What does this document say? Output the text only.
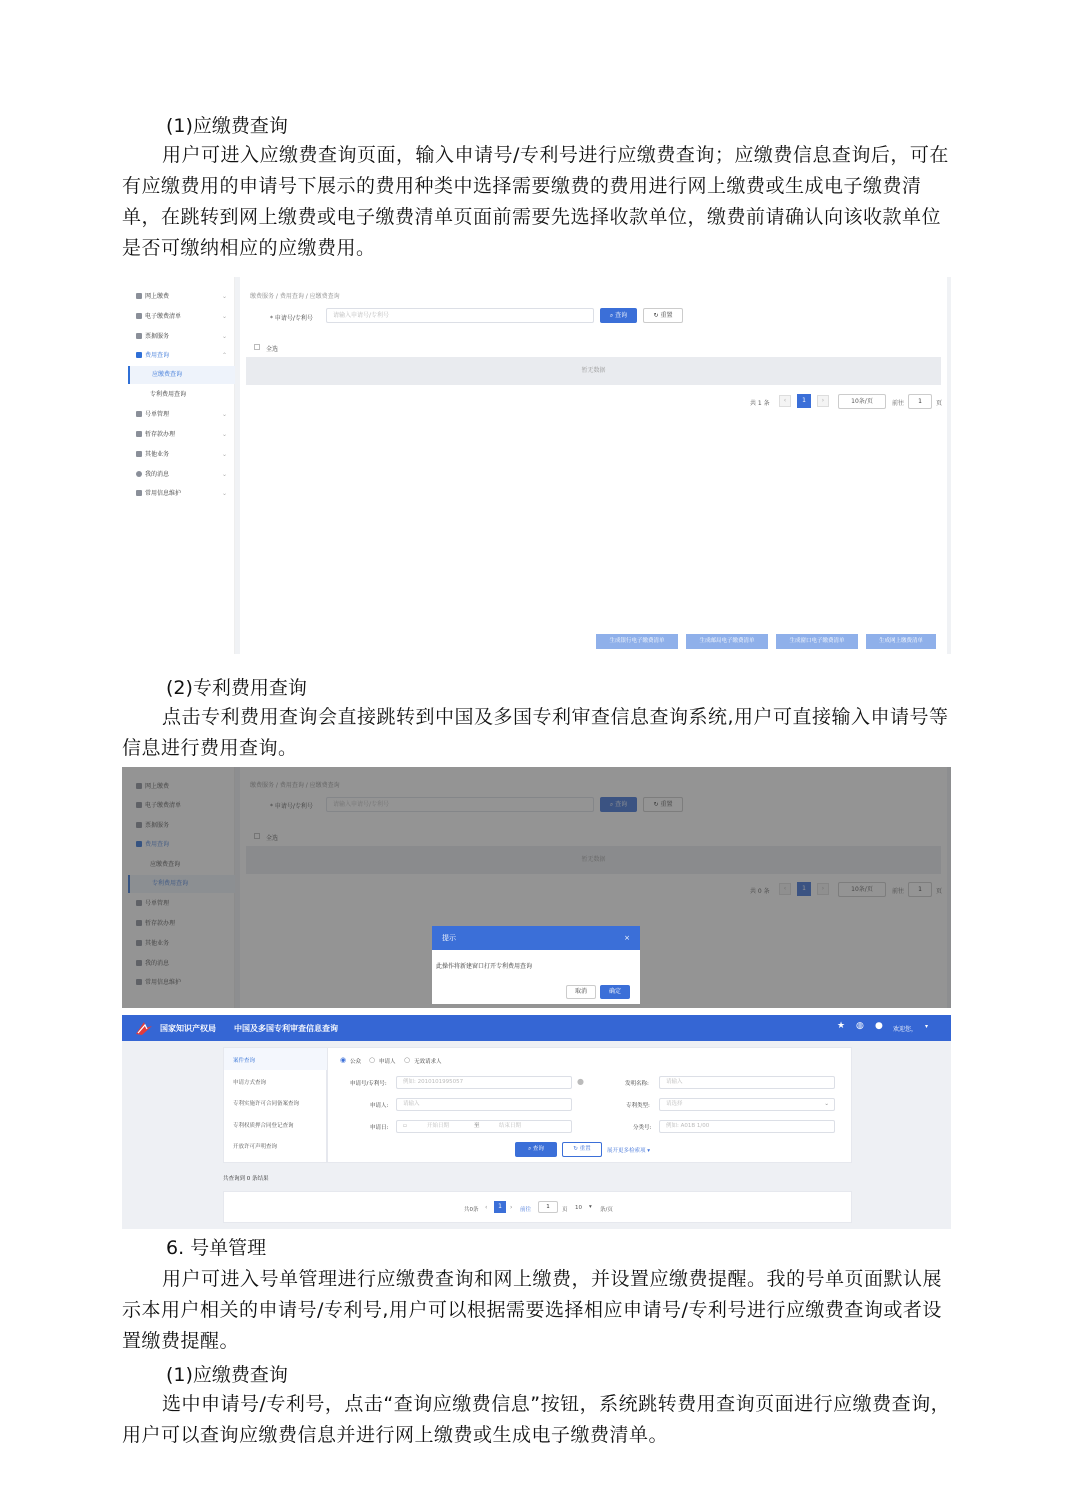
(1)应缴费查询
用户可进入应缴费查询页面，输入申请号/专利号进行应缴费查询；应缴费信息查询后，可在有应缴费用的申请号下展示的费用种类中选择需要缴费的费用进行网上缴费或生成电子缴费清单，在跳转到网上缴费或电子缴费清单页面前需要先选择收款单位，缴费前请确认向该收款单位是否可缴纳相应的应缴费用。
网上缴费	⌄
电子缴费清单	⌄
票据服务	⌄
费用查询	⌃
应缴费查询
专利费用查询
号单管理	⌄
暂存款办理	⌄
其他业务	⌄
我的消息	⌄
常用信息维护	⌄
缴费服务 / 费用查询 / 应缴费查询
* 申请号/专利号	请输入申请号/专利号	⌕ 查询	↻ 重置
全选
暂无数据
共 1 条	‹	1	›	10条/页	前往	1	页
生成银行电子缴费清单	生成邮局电子缴费清单	生成窗口电子缴费清单	生成网上缴费清单
(2)专利费用查询
点击专利费用查询会直接跳转到中国及多国专利审查信息查询系统,用户可直接输入申请号等信息进行费用查询。
提示	×
此操作将新建窗口打开专利费用查询
取消	确定
国家知识产权局 中国及多国专利审查信息查询	★ ◍ ● 欢迎您， ▾
案件查询
申请方式查询
专利实施许可合同备案查询
专利权质押合同登记查询
开放许可声明查询
◉ 公众 ○ 申请人 ○ 无效请求人
申请号/专利号:	例如: 2010101995057	●	发明名称:	请输入
申请人:	请输入	专利类型:	请选择	⌄
申请日:	▫	开始日期	至	结束日期	分类号:	例如: A01B 1/00
⌕ 查询	↻ 重置	展开更多检索项 ▾
共查询到 0 条结果
共0条 ‹	1	› 前往	1	页 10 ▾ 条/页
6. 号单管理
用户可进入号单管理进行应缴费查询和网上缴费，并设置应缴费提醒。我的号单页面默认展示本用户相关的申请号/专利号,用户可以根据需要选择相应申请号/专利号进行应缴费查询或者设置缴费提醒。
(1)应缴费查询
选中申请号/专利号，点击“查询应缴费信息”按钮，系统跳转费用查询页面进行应缴费查询，用户可以查询应缴费信息并进行网上缴费或生成电子缴费清单。
